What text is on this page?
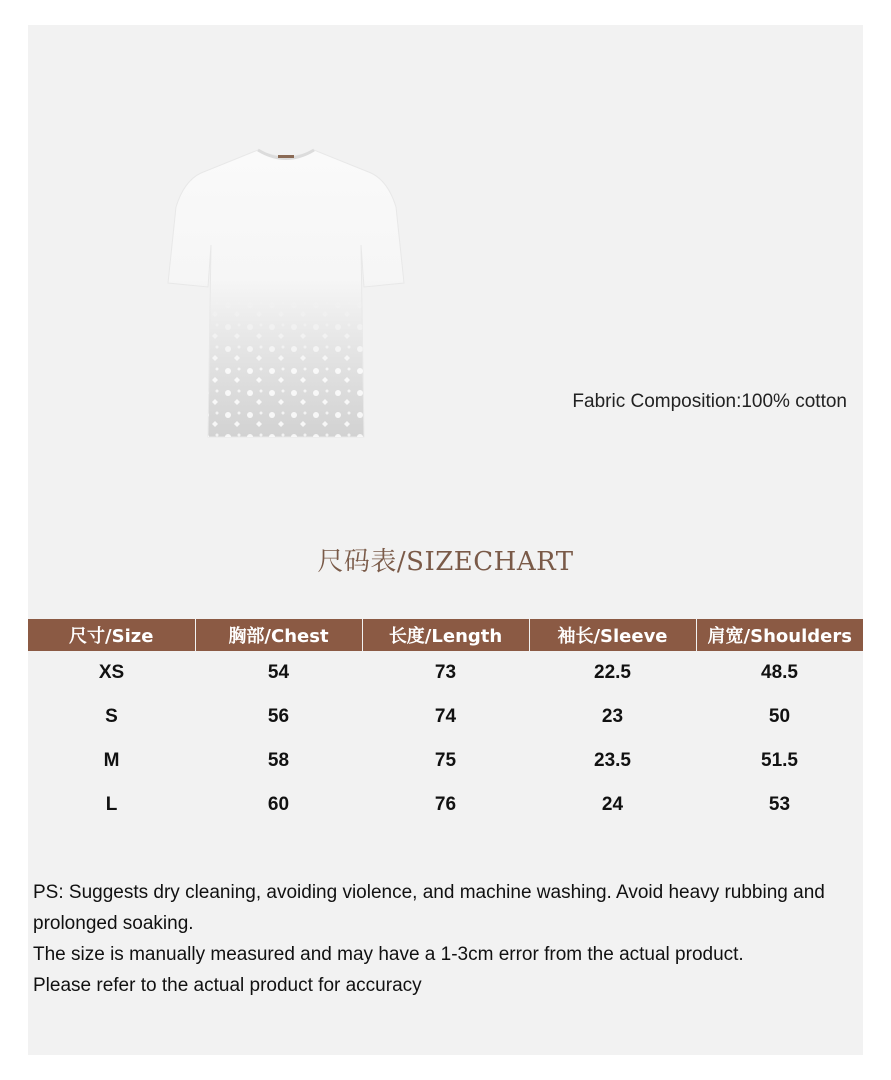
Fabric Composition:100% cotton
尺码表/SIZECHART
尺寸/Size	胸部/Chest	长度/Length	袖长/Sleeve	肩宽/Shoulders
XS	54	73	22.5	48.5
S	56	74	23	50
M	58	75	23.5	51.5
L	60	76	24	53

PS: Suggests dry cleaning, avoiding violence, and machine washing. Avoid heavy rubbing and prolonged soaking.

The size is manually measured and may have a 1-3cm error from the actual product.

Please refer to the actual product for accuracy
